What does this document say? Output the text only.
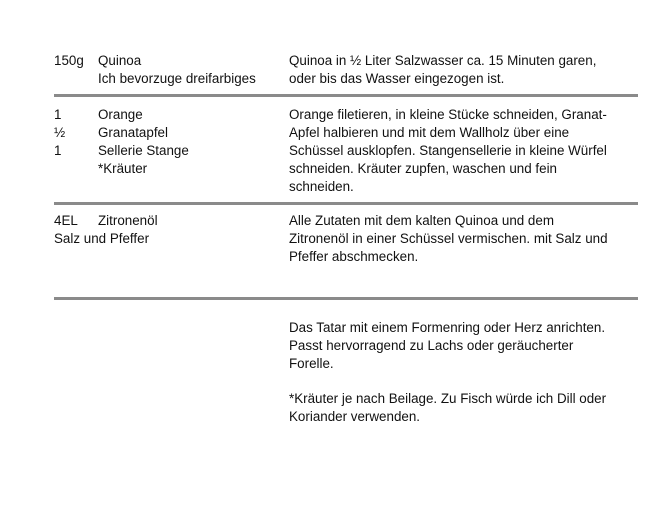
150g Quinoa
Ich bevorzuge dreifarbiges
Quinoa in ½ Liter Salzwasser ca. 15 Minuten garen,
oder bis das Wasser eingezogen ist.
1	Orange
½ Granatapfel
1	Sellerie Stange
*Kräuter
Orange filetieren, in kleine Stücke schneiden, Granat-
Apfel halbieren und mit dem Wallholz über eine
Schüssel ausklopfen. Stangensellerie in kleine Würfel
schneiden. Kräuter zupfen, waschen und fein
schneiden.
4EL Zitronenöl
Salz und Pfeffer
Alle Zutaten mit dem kalten Quinoa und dem
Zitronenöl in einer Schüssel vermischen. mit Salz und
Pfeffer abschmecken.
Das Tatar mit einem Formenring oder Herz anrichten.
Passt hervorragend zu Lachs oder geräucherter
Forelle.
*Kräuter je nach Beilage. Zu Fisch würde ich Dill oder
Koriander verwenden.
